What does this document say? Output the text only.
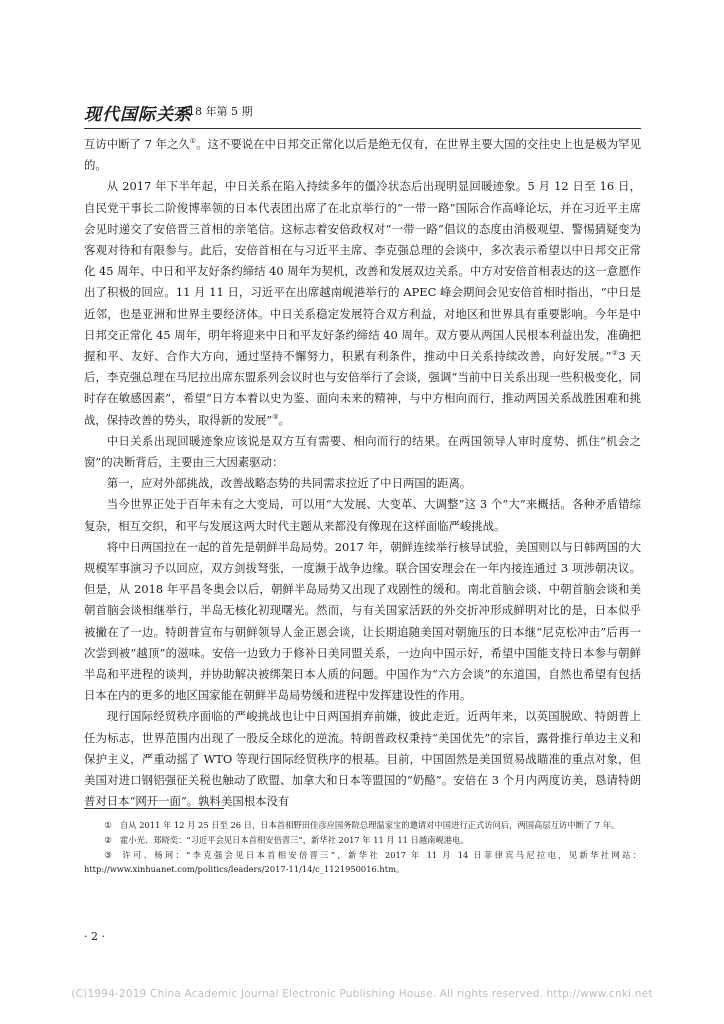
现代国际关系
2018 年第 5 期

互访中断了 7 年之久①。这不要说在中日邦交正常化以后是绝无仅有，在世界主要大国的交往史上也是极为罕见的。

从 2017 年下半年起，中日关系在陷入持续多年的僵冷状态后出现明显回暖迹象。5 月 12 日至 16 日，自民党干事长二阶俊博率领的日本代表团出席了在北京举行的“一带一路”国际合作高峰论坛，并在习近平主席会见时递交了安倍晋三首相的亲笔信。这标志着安倍政权对“一带一路”倡议的态度由消极观望、警惕猜疑变为客观对待和有限参与。此后，安倍首相在与习近平主席、李克强总理的会谈中，多次表示希望以中日邦交正常化 45 周年、中日和平友好条约缔结 40 周年为契机，改善和发展双边关系。中方对安倍首相表达的这一意愿作出了积极的回应。11 月 11 日，习近平在出席越南岘港举行的 APEC 峰会期间会见安倍首相时指出，“中日是近邻，也是亚洲和世界主要经济体。中日关系稳定发展符合双方利益，对地区和世界具有重要影响。今年是中日邦交正常化 45 周年，明年将迎来中日和平友好条约缔结 40 周年。双方要从两国人民根本利益出发，准确把握和平、友好、合作大方向，通过坚持不懈努力，积累有利条件，推动中日关系持续改善，向好发展。”②3 天后，李克强总理在马尼拉出席东盟系列会议时也与安倍举行了会谈，强调“当前中日关系出现一些积极变化，同时存在敏感因素”，希望“日方本着以史为鉴、面向未来的精神，与中方相向而行，推动两国关系战胜困难和挑战，保持改善的势头，取得新的发展”③。

中日关系出现回暖迹象应该说是双方互有需要、相向而行的结果。在两国领导人审时度势、抓住“机会之窗”的决断背后，主要由三大因素驱动：

第一，应对外部挑战，改善战略态势的共同需求拉近了中日两国的距离。

当今世界正处于百年未有之大变局，可以用“大发展、大变革、大调整”这 3 个“大”来概括。各种矛盾错综复杂，相互交织，和平与发展这两大时代主题从来都没有像现在这样面临严峻挑战。

将中日两国拉在一起的首先是朝鲜半岛局势。2017 年，朝鲜连续举行核导试验，美国则以与日韩两国的大规模军事演习予以回应，双方剑拔弩张，一度濒于战争边缘。联合国安理会在一年内接连通过 3 项涉朝决议。但是，从 2018 年平昌冬奥会以后，朝鲜半岛局势又出现了戏剧性的缓和。南北首脑会谈、中朝首脑会谈和美朝首脑会谈相继举行，半岛无核化初现曙光。然而，与有关国家活跃的外交折冲形成鲜明对比的是，日本似乎被撇在了一边。特朗普宣布与朝鲜领导人金正恩会谈，让长期追随美国对朝施压的日本继“尼克松冲击”后再一次尝到被“越顶”的滋味。安倍一边致力于修补日美同盟关系，一边向中国示好，希望中国能支持日本参与朝鲜半岛和平进程的谈判，并协助解决被绑架日本人质的问题。中国作为“六方会谈”的东道国，自然也希望有包括日本在内的更多的地区国家能在朝鲜半岛局势缓和进程中发挥建设性的作用。

现行国际经贸秩序面临的严峻挑战也让中日两国捐弃前嫌，彼此走近。近两年来，以英国脱欧、特朗普上任为标志，世界范围内出现了一股反全球化的逆流。特朗普政权秉持“美国优先”的宗旨，露骨推行单边主义和保护主义，严重动摇了 WTO 等现行国际经贸秩序的根基。目前，中国固然是美国贸易战瞄准的重点对象，但美国对进口钢铝强征关税也触动了欧盟、加拿大和日本等盟国的“奶酪”。安倍在 3 个月内两度访美，恳请特朗普对日本“网开一面”。孰料美国根本没有

① 自从 2011 年 12 月 25 日至 26 日，日本首相野田佳彦应国务院总理温家宝的邀请对中国进行正式访问后，两国高层互访中断了 7 年。

② 霍小光、郑晓奕：“习近平会见日本首相安倍晋三”，新华社 2017 年 11 月 11 日越南岘港电。

③ 许可、杨珂：“李克强会见日本首相安倍晋三”，新华社 2017 年 11 月 14 日菲律宾马尼拉电，见新华社网站：http://www.xinhuanet.com/politics/leaders/2017-11/14/c_1121950016.htm。

· 2 ·
(C)1994-2019 China Academic Journal Electronic Publishing House. All rights reserved. http://www.cnki.net
